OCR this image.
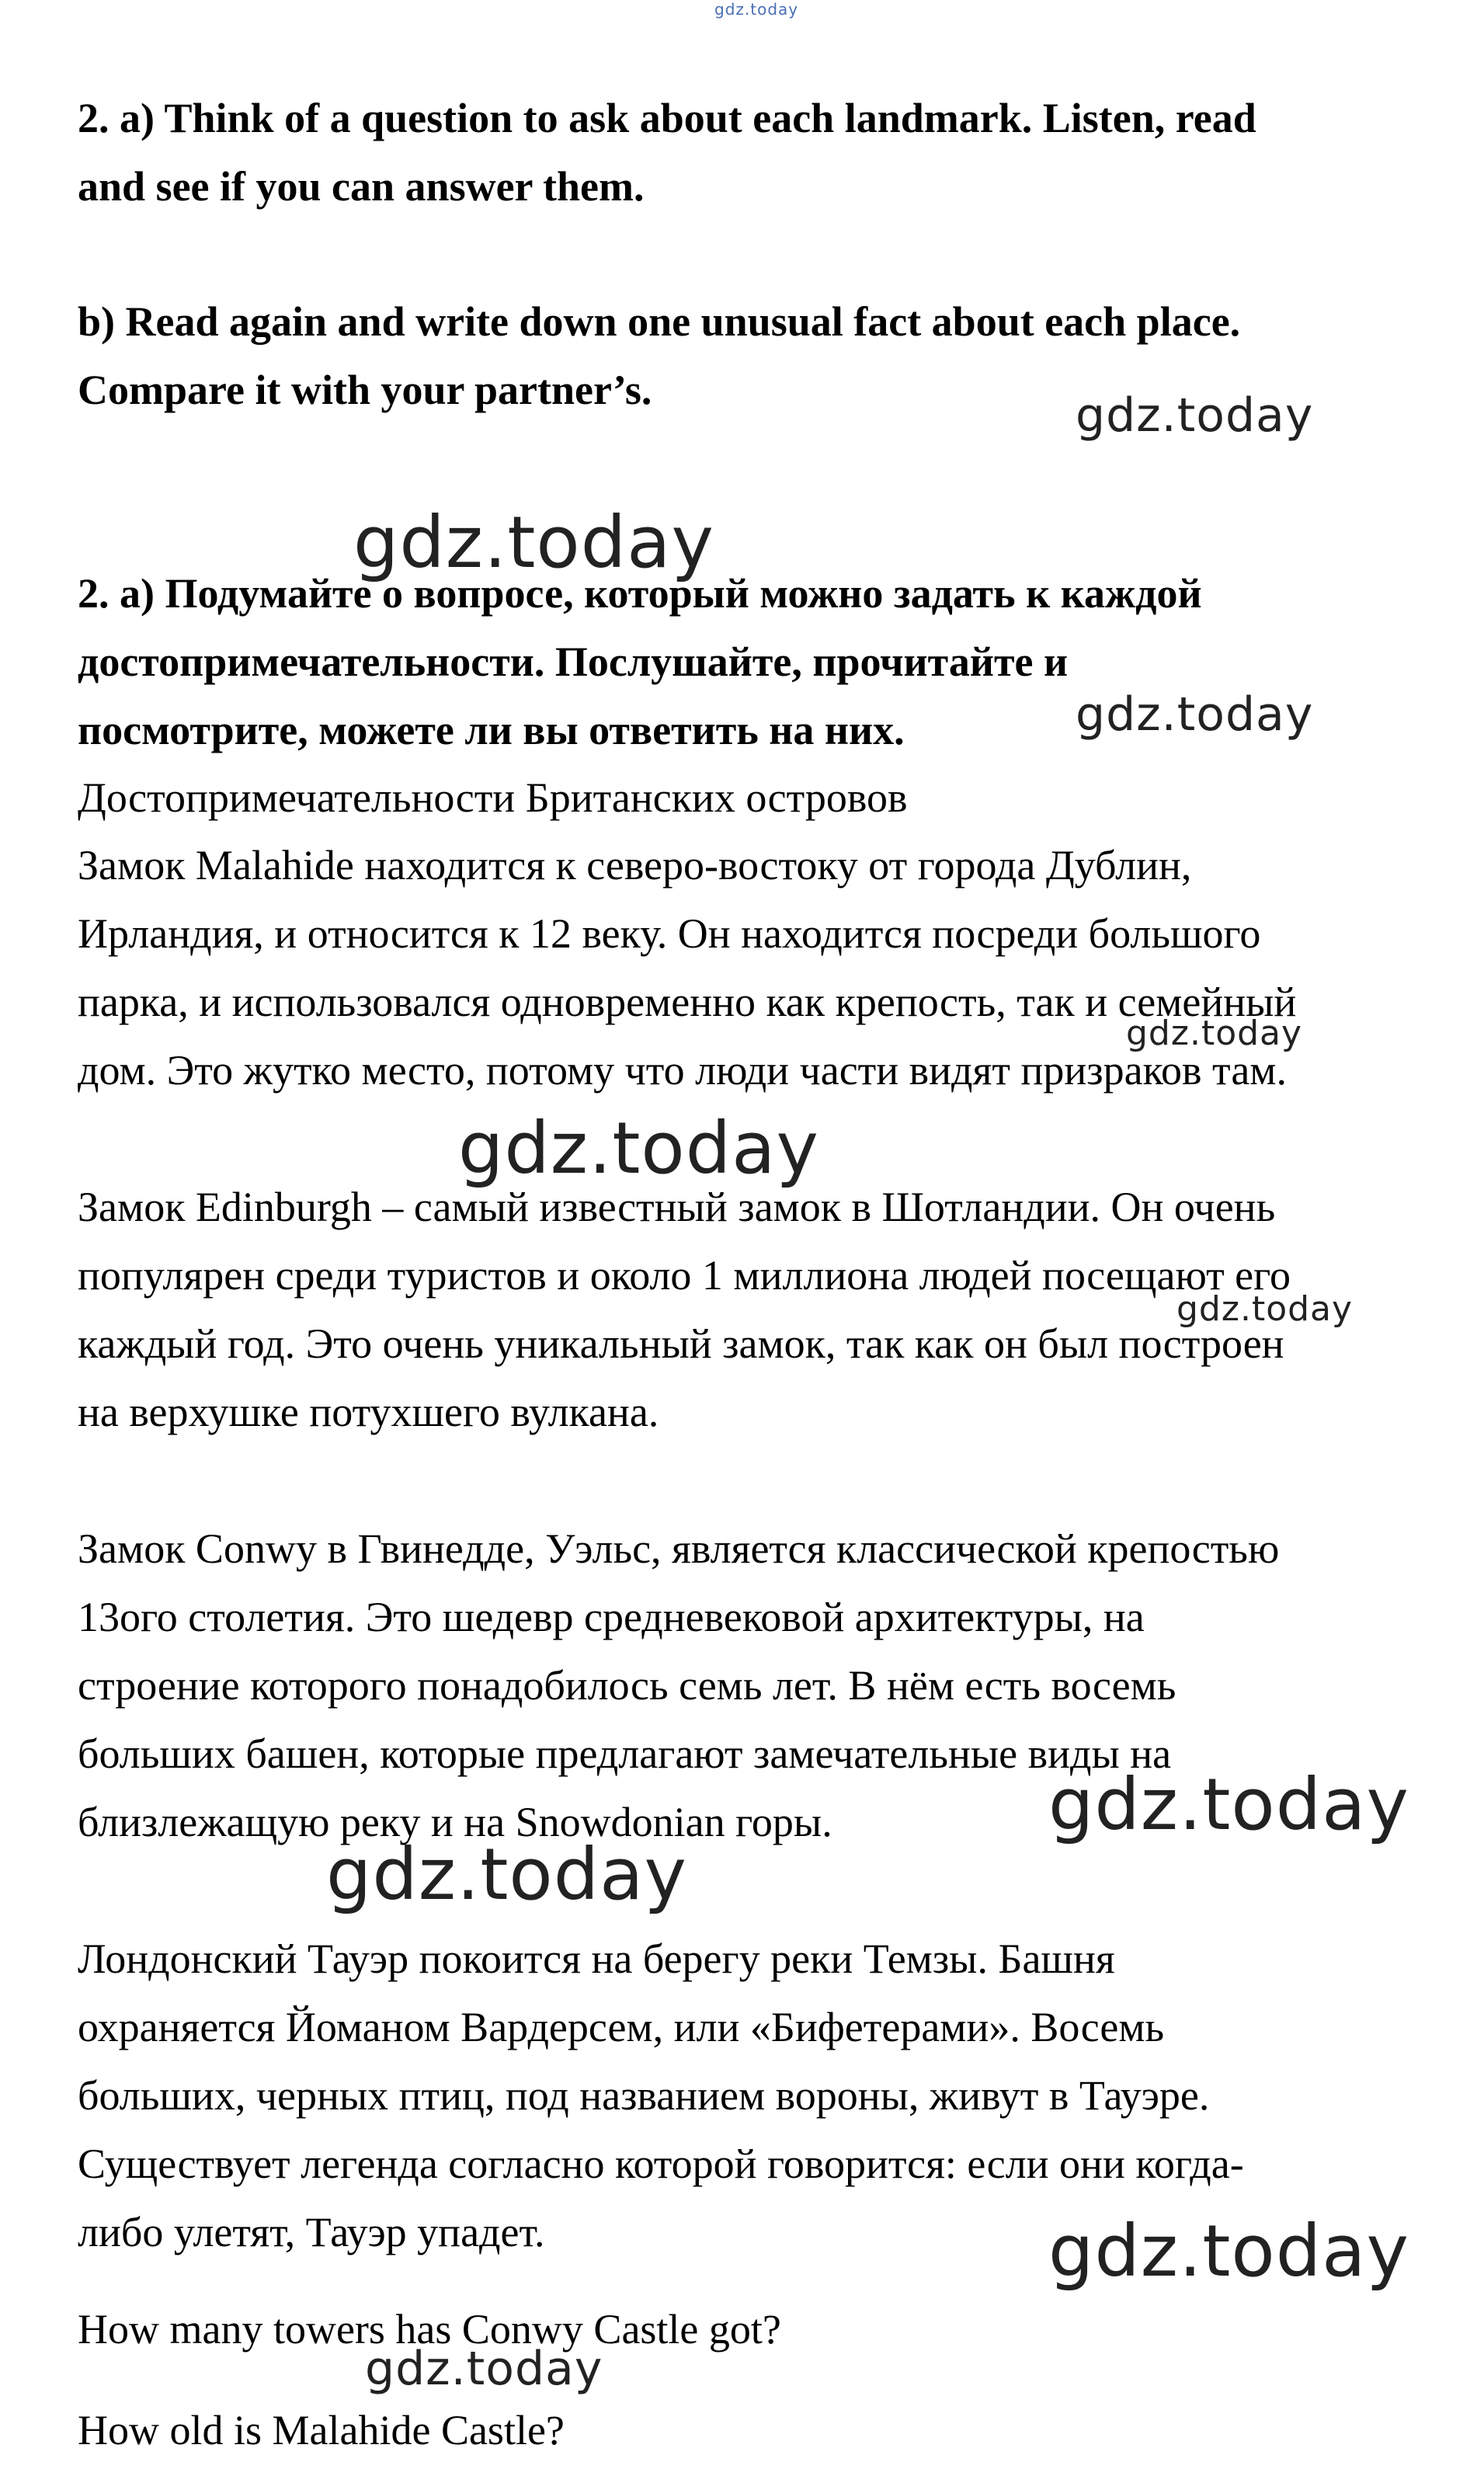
gdz.today
gdz.today
gdz.today
gdz.today
gdz.today
gdz.today
gdz.today
gdz.today
gdz.today
gdz.today
gdz.today

2. a) Think of a question to ask about each landmark. Listen, read
and see if you can answer them.

b) Read again and write down one unusual fact about each place.
Compare it with your partner’s.

2. а) Подумайте о вопросе, который можно задать к каждой
достопримечательности. Послушайте, прочитайте и
посмотрите, можете ли вы ответить на них.

Достопримечательности Британских островов

Замок Malahide находится к северо-востоку от города Дублин,
Ирландия, и относится к 12 веку. Он находится посреди большого
парка, и использовался одновременно как крепость, так и семейный
дом. Это жутко место, потому что люди части видят призраков там.

Замок Edinburgh – самый известный замок в Шотландии. Он очень
популярен среди туристов и около 1 миллиона людей посещают его
каждый год. Это очень уникальный замок, так как он был построен
на верхушке потухшего вулкана.

Замок Conwy в Гвинедде, Уэльс, является классической крепостью
13ого столетия. Это шедевр средневековой архитектуры, на
строение которого понадобилось семь лет. В нём есть восемь
больших башен, которые предлагают замечательные виды на
близлежащую реку и на Snowdonian горы.

Лондонский Тауэр покоится на берегу реки Темзы. Башня
охраняется Йоманом Вардерсем, или «Бифетерами». Восемь
больших, черных птиц, под названием вороны, живут в Тауэре.
Существует легенда согласно которой говорится: если они когда-
либо улетят, Тауэр упадет.

How many towers has Conwy Castle got?

How old is Malahide Castle?
